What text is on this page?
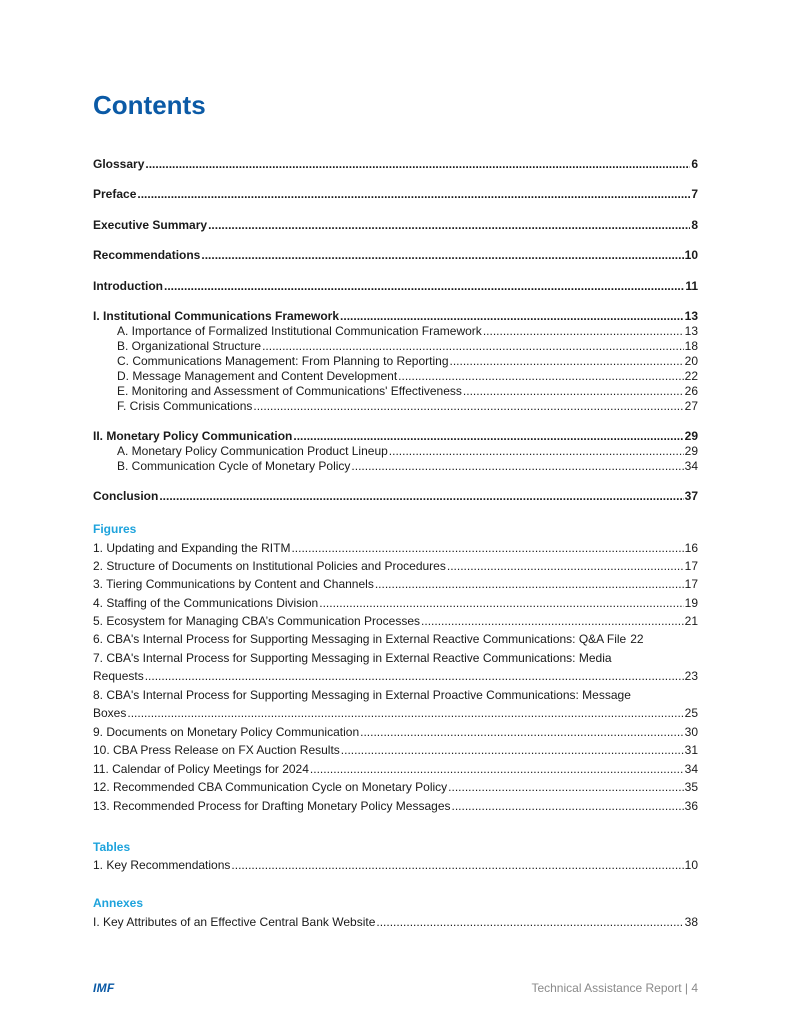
Contents
Glossary .....	6
Preface .....	7
Executive Summary .....	8
Recommendations .....	10
Introduction .....	11
I. Institutional Communications Framework .....	13
A. Importance of Formalized Institutional Communication Framework .....	13
B. Organizational Structure .....	18
C. Communications Management: From Planning to Reporting .....	20
D. Message Management and Content Development .....	22
E. Monitoring and Assessment of Communications' Effectiveness .....	26
F. Crisis Communications .....	27
II. Monetary Policy Communication .....	29
A. Monetary Policy Communication Product Lineup .....	29
B. Communication Cycle of Monetary Policy .....	34
Conclusion .....	37
Figures
1. Updating and Expanding the RITM .....	16
2. Structure of Documents on Institutional Policies and Procedures .....	17
3. Tiering Communications by Content and Channels .....	17
4. Staffing of the Communications Division .....	19
5. Ecosystem for Managing CBA’s Communication Processes .....	21
6. CBA's Internal Process for Supporting Messaging in External Reactive Communications: Q&A File 22
7. CBA's Internal Process for Supporting Messaging in External Reactive Communications: Media
Requests .....	23
8. CBA's Internal Process for Supporting Messaging in External Proactive Communications: Message
Boxes .....	25
9. Documents on Monetary Policy Communication .....	30
10. CBA Press Release on FX Auction Results .....	31
11. Calendar of Policy Meetings for 2024 .....	34
12. Recommended CBA Communication Cycle on Monetary Policy .....	35
13. Recommended Process for Drafting Monetary Policy Messages .....	36
Tables
1. Key Recommendations .....	10
Annexes
I. Key Attributes of an Effective Central Bank Website .....	38
IMF	Technical Assistance Report | 4
